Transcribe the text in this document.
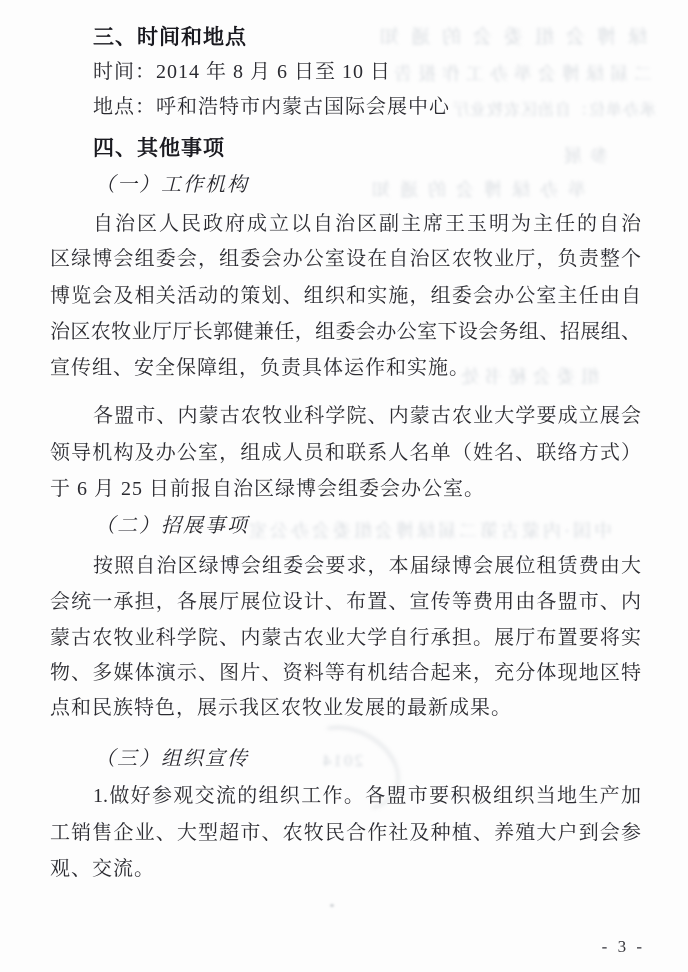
绿博会组委会的通知
二届绿博会举办工作报告
承办单位：自治区农牧业厅
参展
举办绿博会的通知
组委会秘书处
中国·内蒙古第二届绿博会组委会办公室
2014
三、时间和地点
时间：2014 年 8 月 6 日至 10 日
地点：呼和浩特市内蒙古国际会展中心
四、其他事项
（一）工作机构
自治区人民政府成立以自治区副主席王玉明为主任的自治
区绿博会组委会，组委会办公室设在自治区农牧业厅，负责整个
博览会及相关活动的策划、组织和实施，组委会办公室主任由自
治区农牧业厅厅长郭健兼任，组委会办公室下设会务组、招展组、
宣传组、安全保障组，负责具体运作和实施。
各盟市、内蒙古农牧业科学院、内蒙古农业大学要成立展会
领导机构及办公室，组成人员和联系人名单（姓名、联络方式）
于 6 月 25 日前报自治区绿博会组委会办公室。
（二）招展事项
按照自治区绿博会组委会要求，本届绿博会展位租赁费由大
会统一承担，各展厅展位设计、布置、宣传等费用由各盟市、内
蒙古农牧业科学院、内蒙古农业大学自行承担。展厅布置要将实
物、多媒体演示、图片、资料等有机结合起来，充分体现地区特
点和民族特色，展示我区农牧业发展的最新成果。
（三）组织宣传
1.做好参观交流的组织工作。各盟市要积极组织当地生产加
工销售企业、大型超市、农牧民合作社及种植、养殖大户到会参
观、交流。
- 3 -
